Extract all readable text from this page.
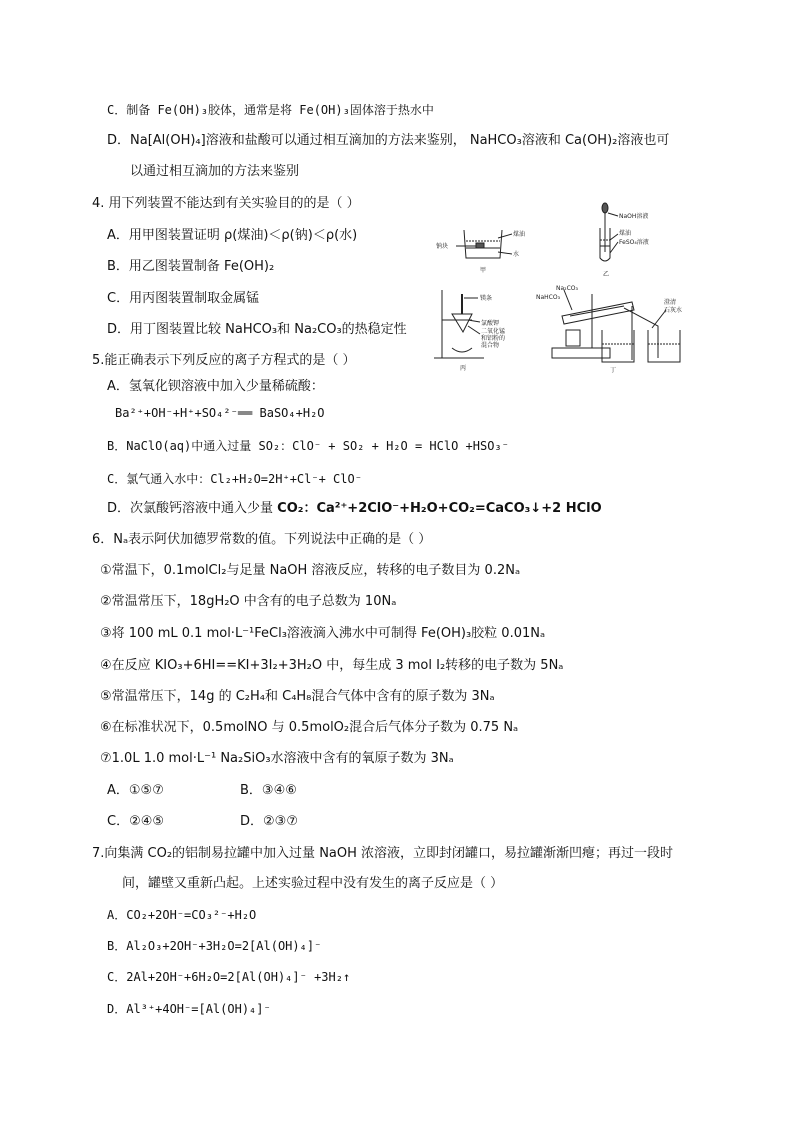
C．制备 Fe(OH)₃胶体，通常是将 Fe(OH)₃固体溶于热水中
D．Na[Al(OH)₄]溶液和盐酸可以通过相互滴加的方法来鉴别， NaHCO₃溶液和 Ca(OH)₂溶液也可
以通过相互滴加的方法来鉴别
4. 用下列装置不能达到有关实验目的的是（ ）
A．用甲图装置证明 ρ(煤油)＜ρ(钠)＜ρ(水)
B．用乙图装置制备 Fe(OH)₂
C．用丙图装置制取金属锰
D．用丁图装置比较 NaHCO₃和 Na₂CO₃的热稳定性
钠块
煤油
水
甲
NaOH溶液
煤油
FeSO₄溶液
乙
镁条
氯酸钾
二氧化锰
和铝粉的
混合物
丙
Na₂CO₃
NaHCO₃
澄清
石灰水
丁
5.能正确表示下列反应的离子方程式的是（ ）
A．氢氧化钡溶液中加入少量稀硫酸：
Ba²⁺+OH⁻+H⁺+SO₄²⁻══ BaSO₄+H₂O
B．NaClO(aq)中通入过量 SO₂：ClO⁻ + SO₂ + H₂O = HClO +HSO₃⁻
C．氯气通入水中：Cl₂+H₂O=2H⁺+Cl⁻+ ClO⁻
D．次氯酸钙溶液中通入少量 CO₂：Ca²⁺+2ClO⁻+H₂O+CO₂=CaCO₃↓+2 HClO
6．Nₐ表示阿伏加德罗常数的值。下列说法中正确的是（ ）
①常温下，0.1molCl₂与足量 NaOH 溶液反应，转移的电子数目为 0.2Nₐ
②常温常压下，18gH₂O 中含有的电子总数为 10Nₐ
③将 100 mL 0.1 mol·L⁻¹FeCl₃溶液滴入沸水中可制得 Fe(OH)₃胶粒 0.01Nₐ
④在反应 KIO₃+6HI==KI+3I₂+3H₂O 中，每生成 3 mol I₂转移的电子数为 5Nₐ
⑤常温常压下，14g 的 C₂H₄和 C₄H₈混合气体中含有的原子数为 3Nₐ
⑥在标准状况下，0.5molNO 与 0.5molO₂混合后气体分子数为 0.75 Nₐ
⑦1.0L 1.0 mol·L⁻¹ Na₂SiO₃水溶液中含有的氧原子数为 3Nₐ
A．①⑤⑦	B．③④⑥
C．②④⑤	D．②③⑦
7.向集满 CO₂的铝制易拉罐中加入过量 NaOH 浓溶液，立即封闭罐口，易拉罐渐渐凹瘪；再过一段时
间，罐壁又重新凸起。上述实验过程中没有发生的离子反应是（ ）
A．CO₂+2OH⁻=CO₃²⁻+H₂O
B．Al₂O₃+2OH⁻+3H₂O=2[Al(OH)₄]⁻
C．2Al+2OH⁻+6H₂O=2[Al(OH)₄]⁻ +3H₂↑
D．Al³⁺+4OH⁻=[Al(OH)₄]⁻
